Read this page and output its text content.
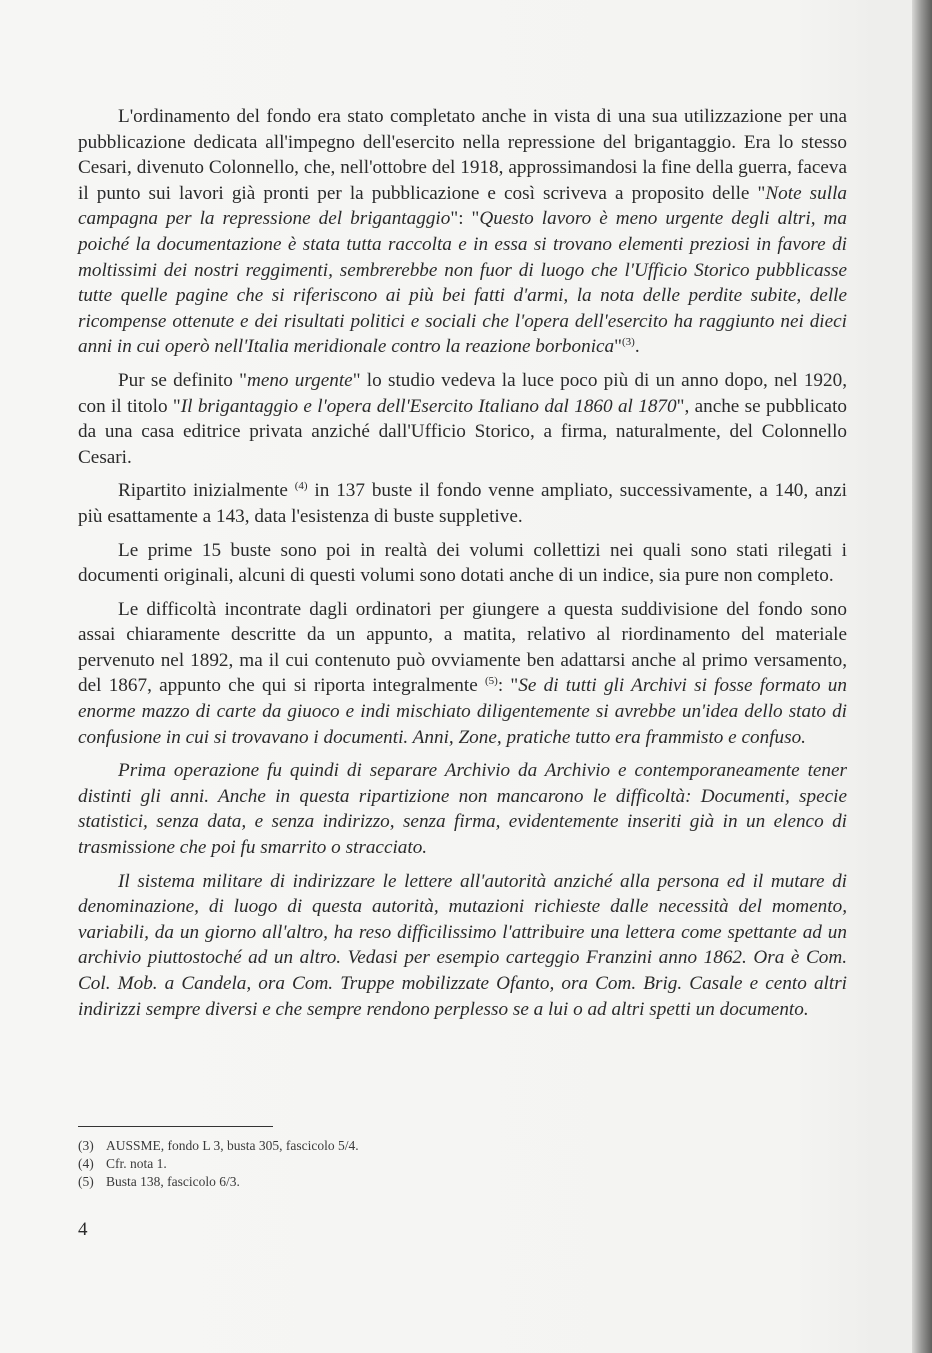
L'ordinamento del fondo era stato completato anche in vista di una sua utilizzazione per una pubblicazione dedicata all'impegno dell'esercito nella repressione del brigantaggio. Era lo stesso Cesari, divenuto Colonnello, che, nell'ottobre del 1918, approssimandosi la fine della guerra, faceva il punto sui lavori già pronti per la pubblicazione e così scriveva a proposito delle "Note sulla campagna per la repressione del brigantaggio": "Questo lavoro è meno urgente degli altri, ma poiché la documentazione è stata tutta raccolta e in essa si trovano elementi preziosi in favore di moltissimi dei nostri reggimenti, sembrerebbe non fuor di luogo che l'Ufficio Storico pubblicasse tutte quelle pagine che si riferiscono ai più bei fatti d'armi, la nota delle perdite subite, delle ricompense ottenute e dei risultati politici e sociali che l'opera dell'esercito ha raggiunto nei dieci anni in cui operò nell'Italia meridionale contro la reazione borbonica"$^{(3)}$.

Pur se definito "meno urgente" lo studio vedeva la luce poco più di un anno dopo, nel 1920, con il titolo "Il brigantaggio e l'opera dell'Esercito Italiano dal 1860 al 1870", anche se pubblicato da una casa editrice privata anziché dall'Ufficio Storico, a firma, naturalmente, del Colonnello Cesari.

Ripartito inizialmente $^{(4)}$ in 137 buste il fondo venne ampliato, successivamente, a 140, anzi più esattamente a 143, data l'esistenza di buste suppletive.

Le prime 15 buste sono poi in realtà dei volumi collettizi nei quali sono stati rilegati i documenti originali, alcuni di questi volumi sono dotati anche di un indice, sia pure non completo.

Le difficoltà incontrate dagli ordinatori per giungere a questa suddivisione del fondo sono assai chiaramente descritte da un appunto, a matita, relativo al riordinamento del materiale pervenuto nel 1892, ma il cui contenuto può ovviamente ben adattarsi anche al primo versamento, del 1867, appunto che qui si riporta integralmente $^{(5)}$: "Se di tutti gli Archivi si fosse formato un enorme mazzo di carte da giuoco e indi mischiato diligentemente si avrebbe un'idea dello stato di confusione in cui si trovavano i documenti. Anni, Zone, pratiche tutto era frammisto e confuso.

Prima operazione fu quindi di separare Archivio da Archivio e contemporaneamente tener distinti gli anni. Anche in questa ripartizione non mancarono le difficoltà: Documenti, specie statistici, senza data, e senza indirizzo, senza firma, evidentemente inseriti già in un elenco di trasmissione che poi fu smarrito o stracciato.

Il sistema militare di indirizzare le lettere all'autorità anziché alla persona ed il mutare di denominazione, di luogo di questa autorità, mutazioni richieste dalle necessità del momento, variabili, da un giorno all'altro, ha reso difficilissimo l'attribuire una lettera come spettante ad un archivio piuttostoché ad un altro. Vedasi per esempio carteggio Franzini anno 1862. Ora è Com. Col. Mob. a Candela, ora Com. Truppe mobilizzate Ofanto, ora Com. Brig. Casale e cento altri indirizzi sempre diversi e che sempre rendono perplesso se a lui o ad altri spetti un documento.

(3) AUSSME, fondo L 3, busta 305, fascicolo 5/4.
(4) Cfr. nota 1.
(5) Busta 138, fascicolo 6/3.
4
